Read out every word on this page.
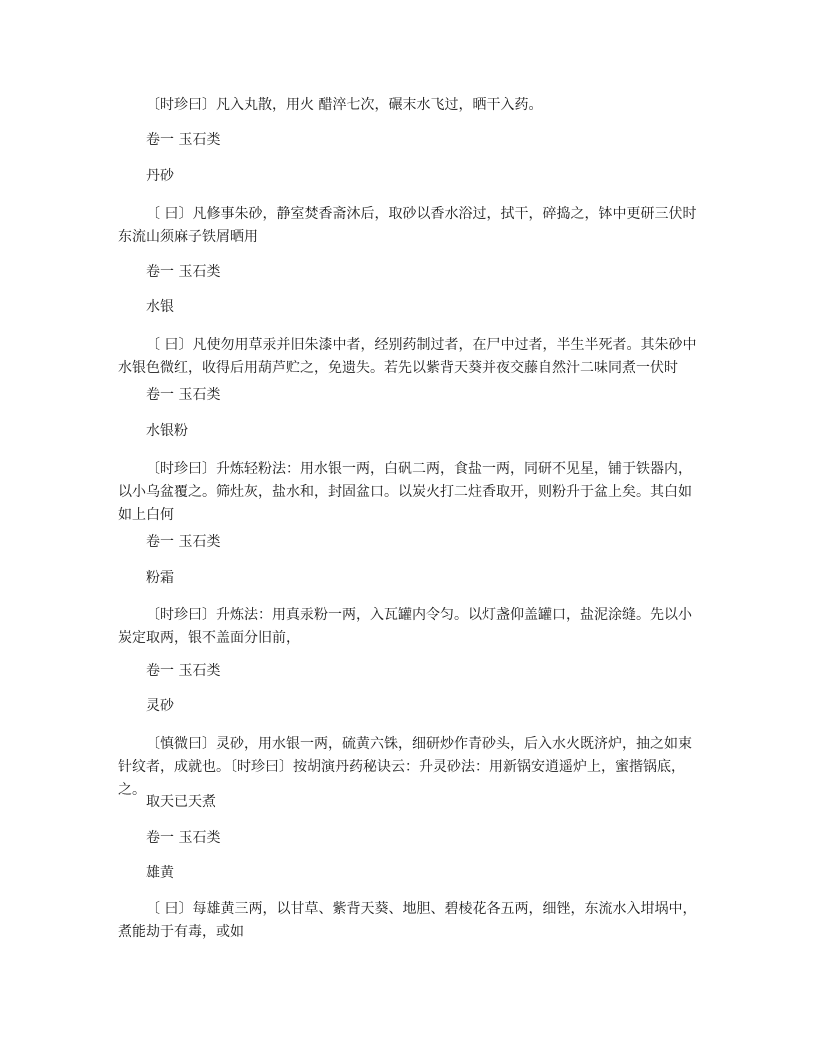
〔时珍曰〕凡入丸散，用火 醋淬七次，碾末水飞过，晒干入药。

卷一 玉石类

丹砂

〔 曰〕凡修事朱砂，静室焚香斋沐后，取砂以香水浴过，拭干，碎捣之，钵中更研三伏时东流山须麻子铁屑晒用

卷一 玉石类

水银

〔 曰〕凡使勿用草汞并旧朱漆中者，经别药制过者，在尸中过者，半生半死者。其朱砂中水银色微红，收得后用葫芦贮之，免遗失。若先以紫背天葵并夜交藤自然汁二味同煮一伏时

卷一 玉石类

水银粉

〔时珍曰〕升炼轻粉法：用水银一两，白矾二两，食盐一两，同研不见星，铺于铁器内，以小乌盆覆之。筛灶灰，盐水和，封固盆口。以炭火打二炷香取开，则粉升于盆上矣。其白如如上白何

卷一 玉石类

粉霜

〔时珍曰〕升炼法：用真汞粉一两，入瓦罐内令匀。以灯盏仰盖罐口，盐泥涂缝。先以小炭定取两，银不盖面分旧前，

卷一 玉石类

灵砂

〔慎微曰〕灵砂，用水银一两，硫黄六铢，细研炒作青砂头，后入水火既济炉，抽之如束针纹者，成就也。〔时珍曰〕按胡演丹药秘诀云：升灵砂法：用新锅安逍遥炉上，蜜揩锅底，之。

取天已天煮

卷一 玉石类

雄黄

〔 曰〕每雄黄三两，以甘草、紫背天葵、地胆、碧棱花各五两，细锉，东流水入坩埚中，煮能劫于有毒，或如
